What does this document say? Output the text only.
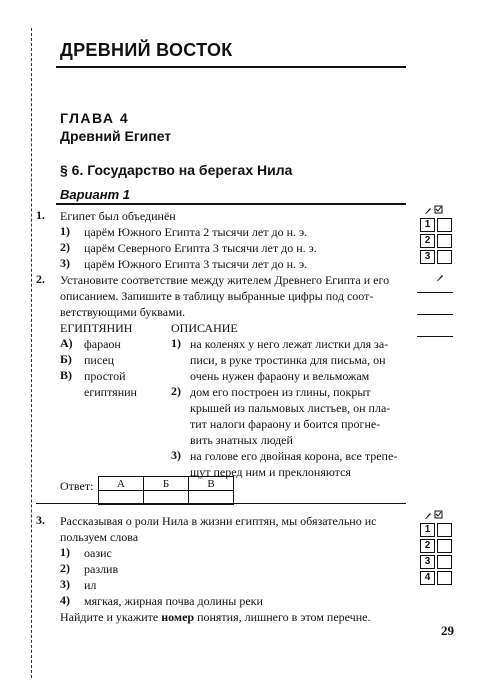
ДРЕВНИЙ ВОСТОК
ГЛАВА 4
Древний Египет
§ 6. Государство на берегах Нила
Вариант 1
1. Египет был объединён
1) царём Южного Египта 2 тысячи лет до н. э.
2) царём Северного Египта 3 тысячи лет до н. э.
3) царём Южного Египта 3 тысячи лет до н. э.
1
2
3
2. Установите соответствие между жителем Древнего Египта и его
описанием. Запишите в таблицу выбранные цифры под соот-
ветствующими буквами.
ЕГИПТЯНИН	ОПИСАНИЕ
А) фараон
Б) писец
В) простой
египтянин
1) на коленях у него лежат листки для за-
писи, в руке тростинка для письма, он
очень нужен фараону и вельможам
2) дом его построен из глины, покрыт
крышей из пальмовых листьев, он пла-
тит налоги фараону и боится прогне-
вить знатных людей
3) на голове его двойная корона, все трепе-
щут перед ним и преклоняются
Ответ: А	Б	В

3. Рассказывая о роли Нила в жизни египтян, мы обязательно ис
пользуем слова
1) оазис
2) разлив
3) ил
4) мягкая, жирная почва долины реки
Найдите и укажите номер понятия, лишнего в этом перечне.
1
2
3
4
29
